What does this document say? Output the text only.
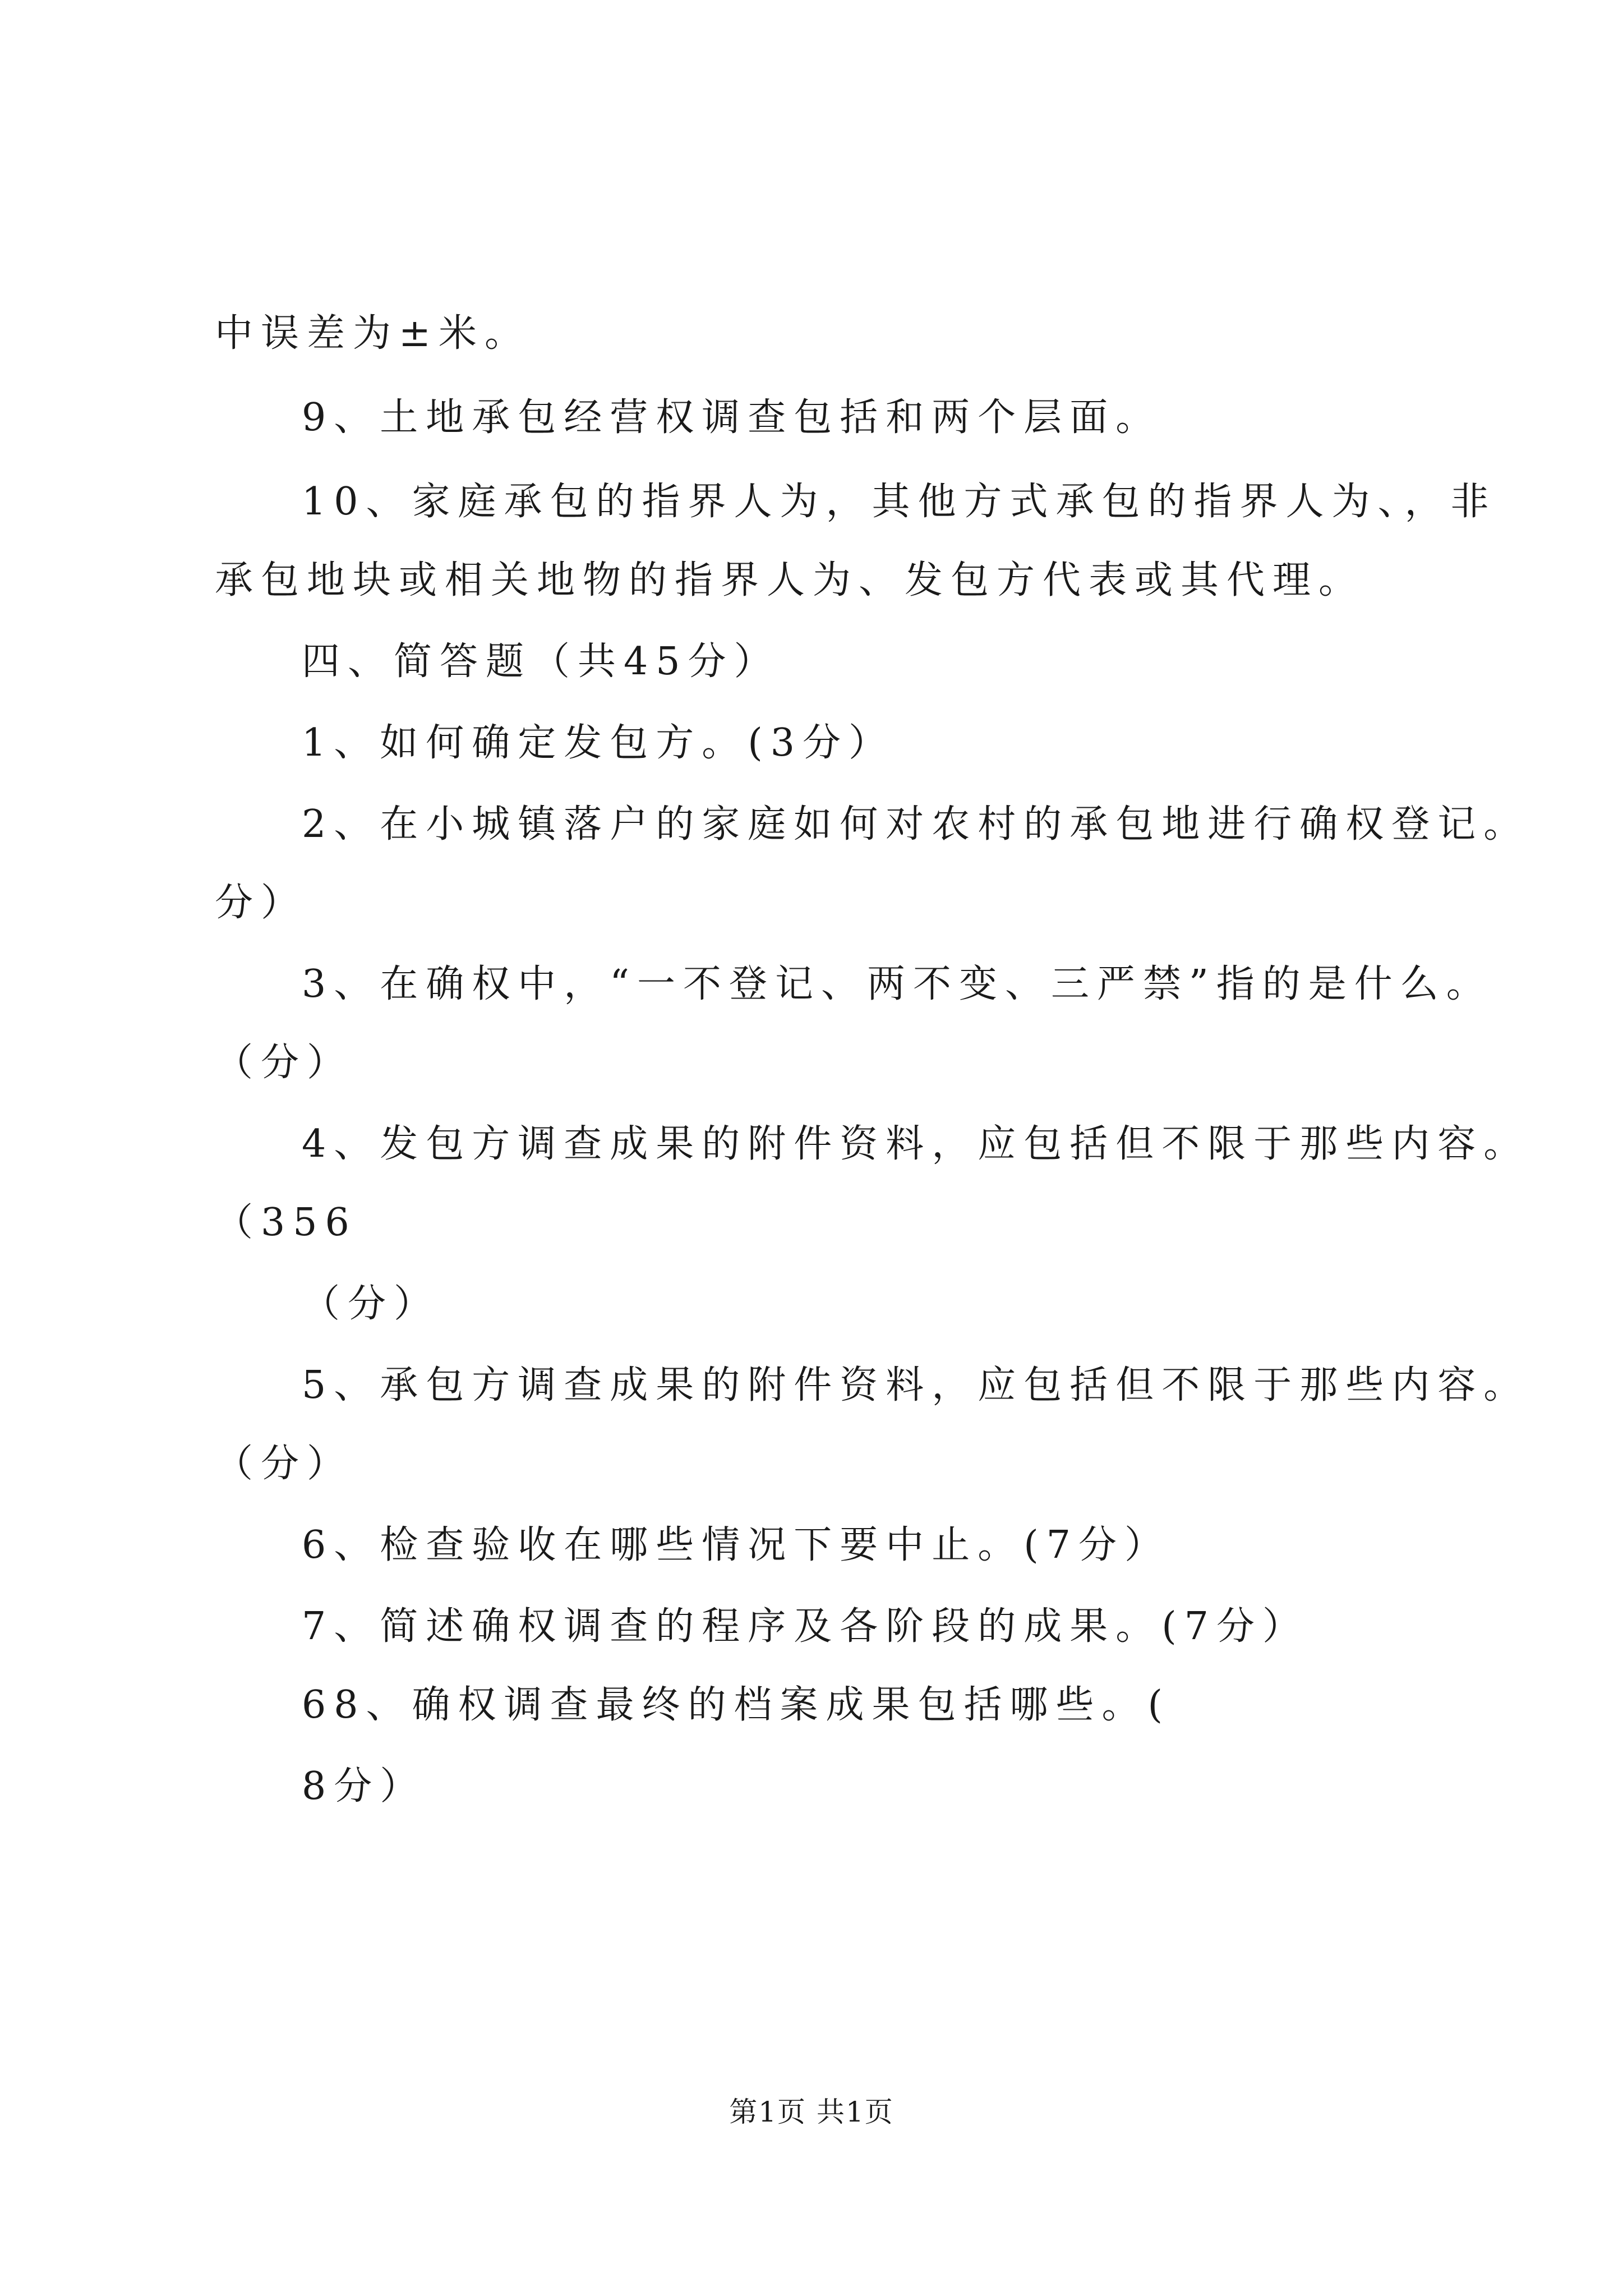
中误差为±米。
9、土地承包经营权调查包括和两个层面。
10、家庭承包的指界人为，其他方式承包的指界人为、，非
承包地块或相关地物的指界人为、发包方代表或其代理。
四、简答题（共45分）
1、如何确定发包方。(3分）
2、在小城镇落户的家庭如何对农村的承包地进行确权登记。
分）
3、在确权中，“一不登记、两不变、三严禁”指的是什么。
（分）
4、发包方调查成果的附件资料，应包括但不限于那些内容。
（356
（分）
5、承包方调查成果的附件资料，应包括但不限于那些内容。
（分）
6、检查验收在哪些情况下要中止。(7分）
7、简述确权调查的程序及各阶段的成果。(7分）
68、确权调查最终的档案成果包括哪些。(
8分）
第1页 共1页
